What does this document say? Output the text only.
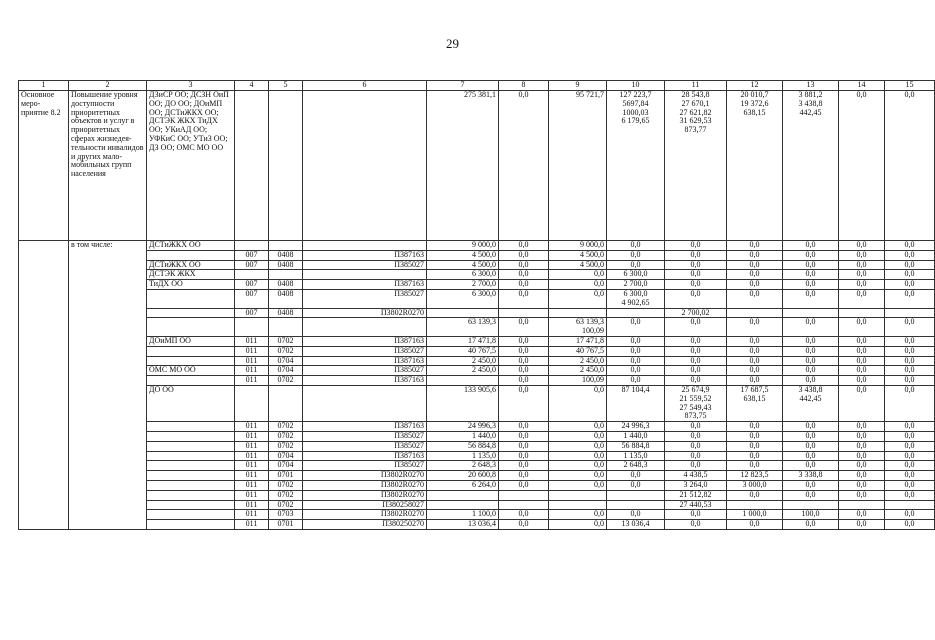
29
1	2	3	4	5	6	7	8	9	10	11	12	13	14	15
Основное меро-приятие 8.2	Повышение уровня доступности приоритетных объектов и услуг в приоритетных сферах жизнедея-тельности инвалидов и других мало-мобильных групп населения	ДЗиСР ОО; ДСЗН ОиП ОО; ДО ОО; ДОиМП ОО; ДСТиЖКХ ОО; ДСТЭК ЖКХ ТиДХ ОО; УКиАД ОО; УФКиС ОО; УТиЗ ОО; ДЗ ОО; ОМС МО ОО				275 381,1	0,0	95 721,7	127 223,7
5697,84
1000,03
6 179,65	28 543,8
27 670,1
27 621,82
31 629,53
873,77	20 010,7
19 372,6
638,15	3 881,2
3 438,8
442,45	0,0	0,0
	в том числе:	ДСТиЖКХ ОО				9 000,0	0,0	9 000,0	0,0	0,0	0,0	0,0	0,0	0,0
			007	0408	П387163	4 500,0	0,0	4 500,0	0,0	0,0	0,0	0,0	0,0	0,0
		ДСТиЖКХ ОО	007	0408	П385027	4 500,0	0,0	4 500,0	0,0	0,0	0,0	0,0	0,0	0,0
		ДСТЭК ЖКХ				6 300,0	0,0	0,0	6 300,0	0,0	0,0	0,0	0,0	0,0
		ТиДХ ОО	007	0408	П387163	2 700,0	0,0	0,0	2 700,0	0,0	0,0	0,0	0,0	0,0
			007	0408	П385027	6 300,0	0,0	0,0	6 300,0
4 902,65	0,0	0,0	0,0	0,0	0,0
			007	0408	П3802R0270					2 700,02				
						63 139,3	0,0	63 139,3
100,09	0,0	0,0	0,0	0,0	0,0	0,0
		ДОиМП ОО	011	0702	П387163	17 471,8	0,0	17 471,8	0,0	0,0	0,0	0,0	0,0	0,0
			011	0702	П385027	40 767,5	0,0	40 767,5	0,0	0,0	0,0	0,0	0,0	0,0
			011	0704	П387163	2 450,0	0,0	2 450,0	0,0	0,0	0,0	0,0	0,0	0,0
		ОМС МО ОО	011	0704	П385027	2 450,0	0,0	2 450,0	0,0	0,0	0,0	0,0	0,0	0,0
			011	0702	П387163		0,0	100,09	0,0	0,0	0,0	0,0	0,0	0,0
		ДО ОО				133 905,6	0,0	0,0	87 104,4	25 674,9
21 559,52
27 549,43
873,75	17 687,5
638,15	3 438,8
442,45	0,0	0,0
			011	0702	П387163	24 996,3	0,0	0,0	24 996,3	0,0	0,0	0,0	0,0	0,0
			011	0702	П385027	1 440,0	0,0	0,0	1 440,0	0,0	0,0	0,0	0,0	0,0
			011	0702	П385027	56 884,8	0,0	0,0	56 884,8	0,0	0,0	0,0	0,0	0,0
			011	0704	П387163	1 135,0	0,0	0,0	1 135,0	0,0	0,0	0,0	0,0	0,0
			011	0704	П385027	2 648,3	0,0	0,0	2 648,3	0,0	0,0	0,0	0,0	0,0
			011	0701	П3802R0270	20 600,8	0,0	0,0	0,0	4 438,5	12 823,5	3 338,8	0,0	0,0
			011	0702	П3802R0270	6 264,0	0,0	0,0	0,0	3 264,0	3 000,0	0,0	0,0	0,0
			011	0702	П3802R0270					21 512,82	0,0	0,0	0,0	0,0
			011	0702	П380258027					27 440,53				
			011	0703	П3802R0270	1 100,0	0,0	0,0	0,0	0,0	1 000,0	100,0	0,0	0,0
			011	0701	П380250270	13 036,4	0,0	0,0	13 036,4	0,0	0,0	0,0	0,0	0,0
